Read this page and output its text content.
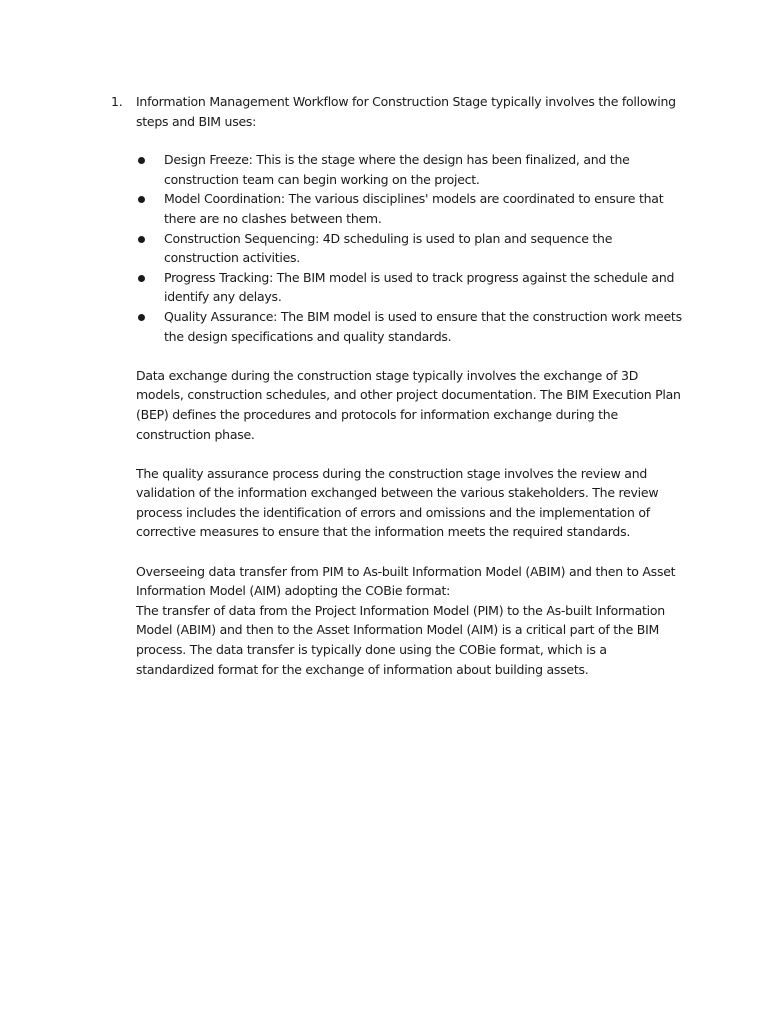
1.	Information Management Workflow for Construction Stage typically involves the following steps and BIM uses:

Design Freeze: This is the stage where the design has been finalized, and the construction team can begin working on the project.
Model Coordination: The various disciplines' models are coordinated to ensure that there are no clashes between them.
Construction Sequencing: 4D scheduling is used to plan and sequence the construction activities.
Progress Tracking: The BIM model is used to track progress against the schedule and identify any delays.
Quality Assurance: The BIM model is used to ensure that the construction work meets the design specifications and quality standards.

Data exchange during the construction stage typically involves the exchange of 3D models, construction schedules, and other project documentation. The BIM Execution Plan (BEP) defines the procedures and protocols for information exchange during the construction phase.

The quality assurance process during the construction stage involves the review and validation of the information exchanged between the various stakeholders. The review process includes the identification of errors and omissions and the implementation of corrective measures to ensure that the information meets the required standards.

Overseeing data transfer from PIM to As-built Information Model (ABIM) and then to Asset Information Model (AIM) adopting the COBie format:
The transfer of data from the Project Information Model (PIM) to the As-built Information Model (ABIM) and then to the Asset Information Model (AIM) is a critical part of the BIM process. The data transfer is typically done using the COBie format, which is a standardized format for the exchange of information about building assets.
